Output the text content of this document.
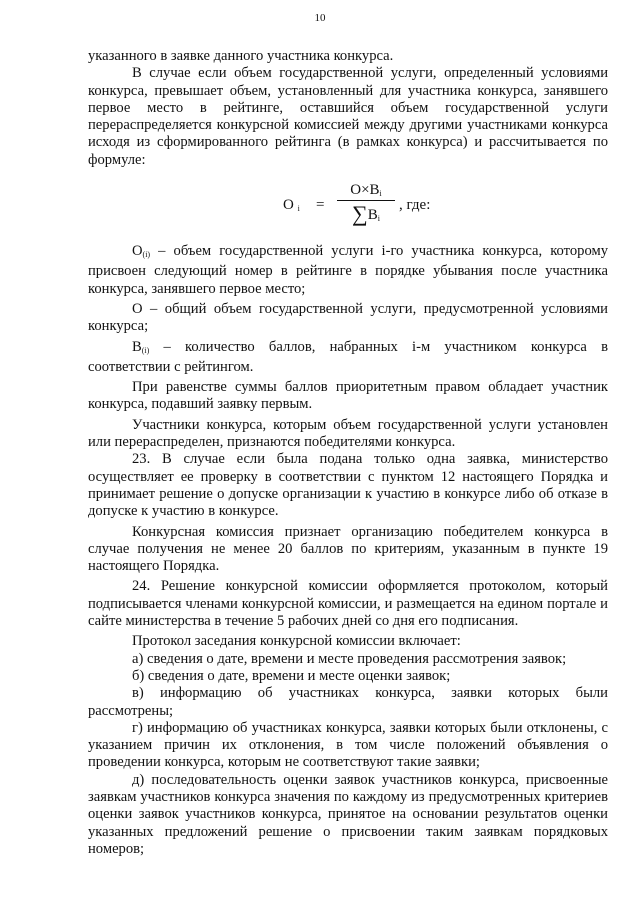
10

указанного в заявке данного участника конкурса.

В случае если объем государственной услуги, определенный условиями конкурса, превышает объем, установленный для участника конкурса, занявшего первое место в рейтинге, оставшийся объем государственной услуги перераспределяется конкурсной комиссией между другими участниками конкурса исходя из сформированного рейтинга (в рамках конкурса) и рассчитывается по формуле:

О $_i$ =
$О\times В_i$
$\sum В_i$
, где:

$О_{(i)}$ – объем государственной услуги i-го участника конкурса, которому присвоен следующий номер в рейтинге в порядке убывания после участника конкурса, занявшего первое место;

О – общий объем государственной услуги, предусмотренной условиями конкурса;

$В_{(i)}$ – количество баллов, набранных i-м участником конкурса в соответствии с рейтингом.

При равенстве суммы баллов приоритетным правом обладает участник конкурса, подавший заявку первым.

Участники конкурса, которым объем государственной услуги установлен или перераспределен, признаются победителями конкурса.

23. В случае если была подана только одна заявка, министерство осуществляет ее проверку в соответствии с пунктом 12 настоящего Порядка и принимает решение о допуске организации к участию в конкурсе либо об отказе в допуске к участию в конкурсе.

Конкурсная комиссия признает организацию победителем конкурса в случае получения не менее 20 баллов по критериям, указанным в пункте 19 настоящего Порядка.

24. Решение конкурсной комиссии оформляется протоколом, который подписывается членами конкурсной комиссии, и размещается на едином портале и сайте министерства в течение 5 рабочих дней со дня его подписания.

Протокол заседания конкурсной комиссии включает:

а) сведения о дате, времени и месте проведения рассмотрения заявок;

б) сведения о дате, времени и месте оценки заявок;

в) информацию об участниках конкурса, заявки которых были рассмотрены;

г) информацию об участниках конкурса, заявки которых были отклонены, с указанием причин их отклонения, в том числе положений объявления о проведении конкурса, которым не соответствуют такие заявки;

д) последовательность оценки заявок участников конкурса, присвоенные заявкам участников конкурса значения по каждому из предусмотренных критериев оценки заявок участников конкурса, принятое на основании результатов оценки указанных предложений решение о присвоении таким заявкам порядковых номеров;
